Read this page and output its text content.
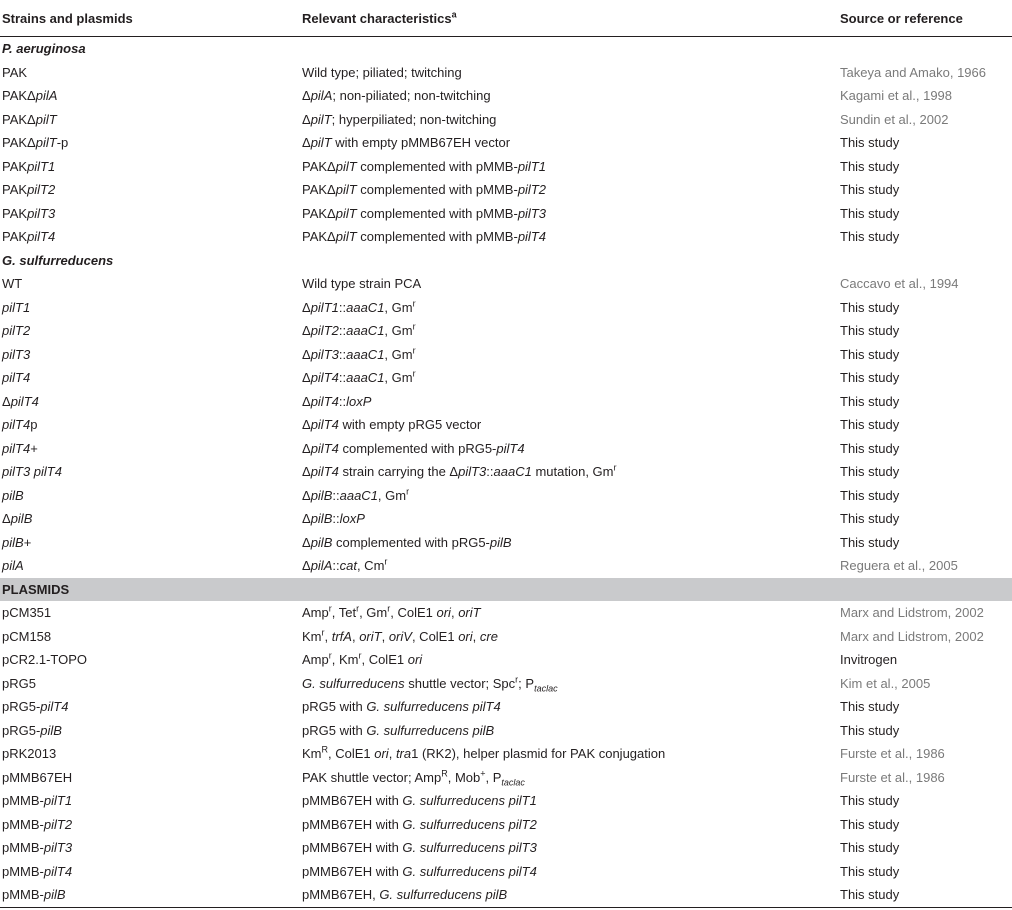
Strains and plasmids	Relevant characteristics$^a$	Source or reference
P. aeruginosa
PAK	Wild type; piliated; twitching	Takeya and Amako, 1966
PAKΔpilA	ΔpilA; non-piliated; non-twitching	Kagami et al., 1998
PAKΔpilT	ΔpilT; hyperpiliated; non-twitching	Sundin et al., 2002
PAKΔpilT-p	ΔpilT with empty pMMB67EH vector	This study
PAKpilT1	PAKΔpilT complemented with pMMB-pilT1	This study
PAKpilT2	PAKΔpilT complemented with pMMB-pilT2	This study
PAKpilT3	PAKΔpilT complemented with pMMB-pilT3	This study
PAKpilT4	PAKΔpilT complemented with pMMB-pilT4	This study
G. sulfurreducens
WT	Wild type strain PCA	Caccavo et al., 1994
pilT1	ΔpilT1::aaaC1, Gm$^r$	This study
pilT2	ΔpilT2::aaaC1, Gm$^r$	This study
pilT3	ΔpilT3::aaaC1, Gm$^r$	This study
pilT4	ΔpilT4::aaaC1, Gm$^r$	This study
ΔpilT4	ΔpilT4::loxP	This study
pilT4p	ΔpilT4 with empty pRG5 vector	This study
pilT4+	ΔpilT4 complemented with pRG5-pilT4	This study
pilT3 pilT4	ΔpilT4 strain carrying the ΔpilT3::aaaC1 mutation, Gm$^r$	This study
pilB	ΔpilB::aaaC1, Gm$^r$	This study
ΔpilB	ΔpilB::loxP	This study
pilB+	ΔpilB complemented with pRG5-pilB	This study
pilA	ΔpilA::cat, Cm$^r$	Reguera et al., 2005
PLASMIDS
pCM351	Amp$^r$, Tet$^r$, Gm$^r$, ColE1 ori, oriT	Marx and Lidstrom, 2002
pCM158	Km$^r$, trfA, oriT, oriV, ColE1 ori, cre	Marx and Lidstrom, 2002
pCR2.1-TOPO	Amp$^r$, Km$^r$, ColE1 ori	Invitrogen
pRG5	G. sulfurreducens shuttle vector; Spc$^r$; $P_{taclac}$	Kim et al., 2005
pRG5-pilT4	pRG5 with G. sulfurreducens pilT4	This study
pRG5-pilB	pRG5 with G. sulfurreducens pilB	This study
pRK2013	$Km^R$, ColE1 ori, tra1 (RK2), helper plasmid for PAK conjugation	Furste et al., 1986
pMMB67EH	PAK shuttle vector; Amp$^R$, Mob+, $P_{taclac}$	Furste et al., 1986
pMMB-pilT1	pMMB67EH with G. sulfurreducens pilT1	This study
pMMB-pilT2	pMMB67EH with G. sulfurreducens pilT2	This study
pMMB-pilT3	pMMB67EH with G. sulfurreducens pilT3	This study
pMMB-pilT4	pMMB67EH with G. sulfurreducens pilT4	This study
pMMB-pilB	pMMB67EH, G. sulfurreducens pilB	This study
